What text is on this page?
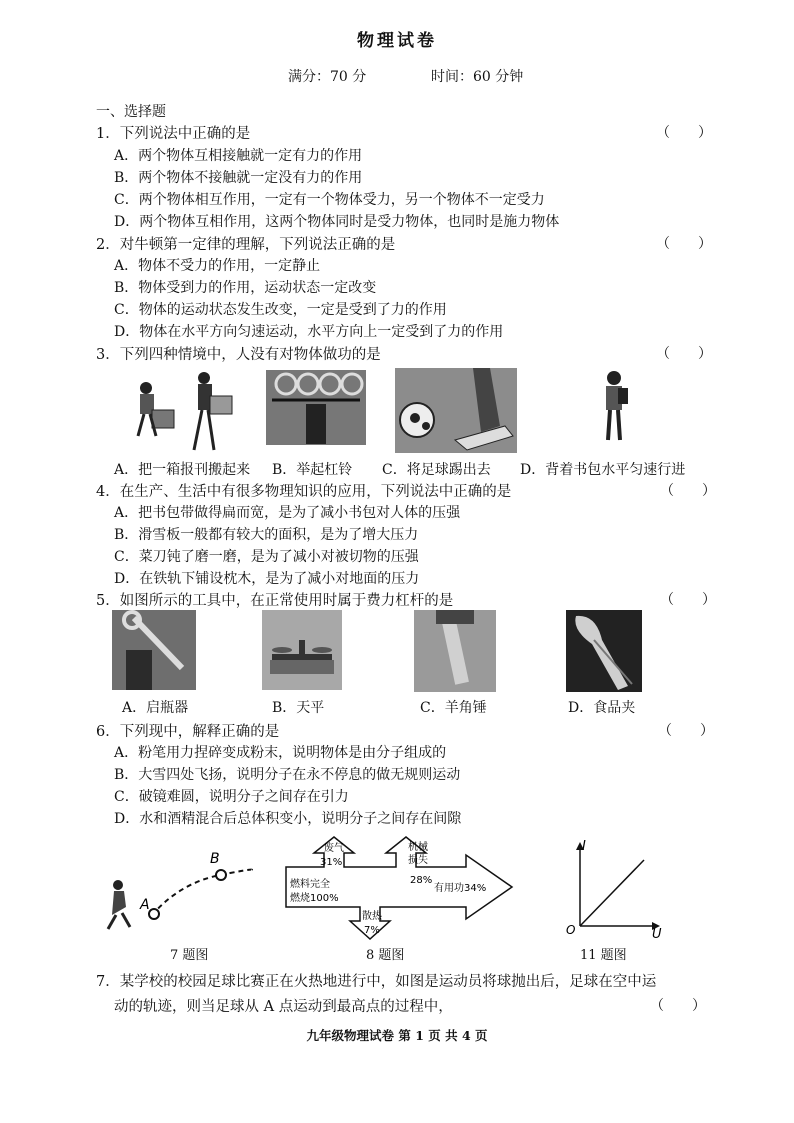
物理试卷
满分：70 分	时间：60 分钟
一、选择题
1．下列说法中正确的是	（　　）
A．两个物体互相接触就一定有力的作用
B．两个物体不接触就一定没有力的作用
C．两个物体相互作用，一定有一个物体受力，另一个物体不一定受力
D．两个物体互相作用，这两个物体同时是受力物体，也同时是施力物体
2．对牛顿第一定律的理解，下列说法正确的是	（　　）
A．物体不受力的作用，一定静止
B．物体受到力的作用，运动状态一定改变
C．物体的运动状态发生改变，一定是受到了力的作用
D．物体在水平方向匀速运动，水平方向上一定受到了力的作用
3．下列四种情境中，人没有对物体做功的是	（　　）
A．把一箱报刊搬起来 B．举起杠铃 C．将足球踢出去 D．背着书包水平匀速行进
4．在生产、生活中有很多物理知识的应用，下列说法中正确的是	（　　）
A．把书包带做得扁而宽，是为了减小书包对人体的压强
B．滑雪板一般都有较大的面积，是为了增大压力
C．菜刀钝了磨一磨，是为了减小对被切物的压强
D．在铁轨下铺设枕木，是为了减小对地面的压力
5．如图所示的工具中，在正常使用时属于费力杠杆的是	（　　）
A．启瓶器	B．天平	C．羊角锤	D．食品夹
6．下列现中，解释正确的是	（　　）
A．粉笔用力捏碎变成粉末，说明物体是由分子组成的
B．大雪四处飞扬，说明分子在永不停息的做无规则运动
C．破镜难圆，说明分子之间存在引力
D．水和酒精混合后总体积变小，说明分子之间存在间隙
A
B
废气
31%
机械
损失
28%
燃料完全
燃烧100%
有用功34%
散热
7%
I
U
O
7 题图	8 题图	11 题图
7．某学校的校园足球比赛正在火热地进行中，如图是运动员将球抛出后，足球在空中运
动的轨迹，则当足球从 A 点运动到最高点的过程中，	（　　）
九年级物理试卷 第 1 页 共 4 页
